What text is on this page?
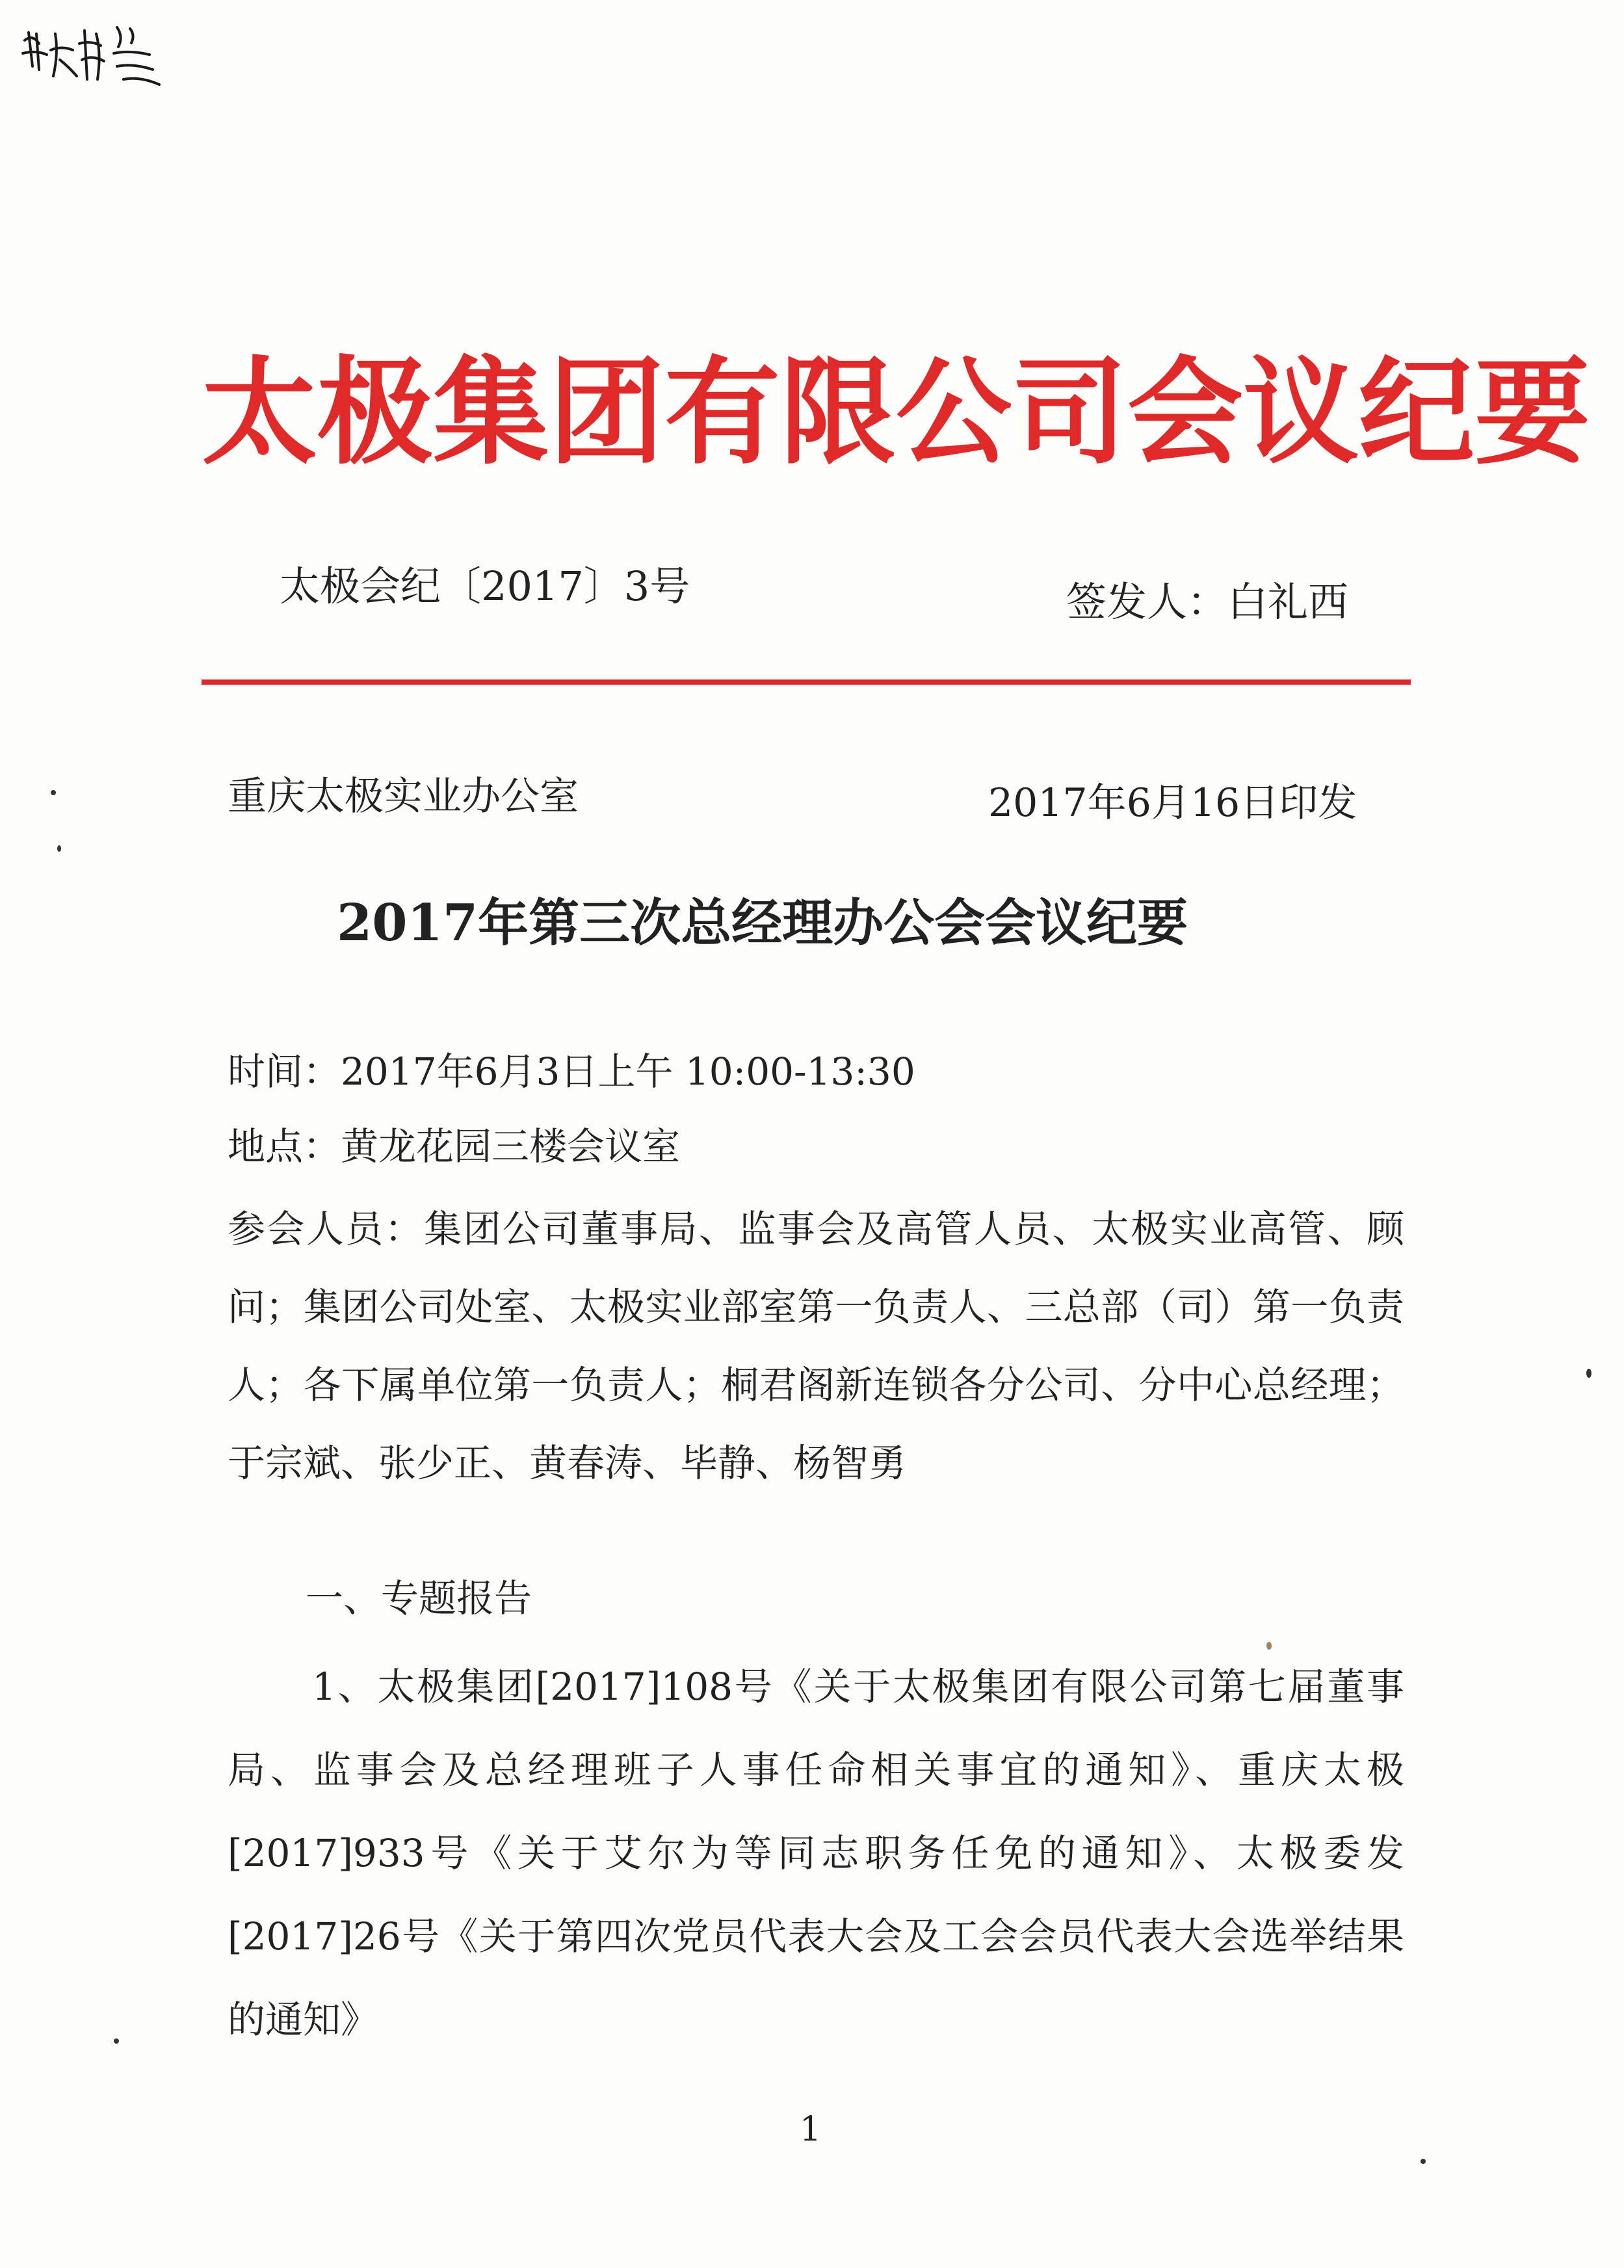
太极集团有限公司会议纪要
太极会纪〔2017〕3号	签发人：白礼西
重庆太极实业办公室	2017年6月16日印发
2017年第三次总经理办公会会议纪要
时间：2017年6月3日上午 10:00-13:30
地点：黄龙花园三楼会议室
参会人员：集团公司董事局、监事会及高管人员、太极实业高管、顾问；集团公司处室、太极实业部室第一负责人、三总部（司）第一负责人；各下属单位第一负责人；桐君阁新连锁各分公司、分中心总经理；于宗斌、张少正、黄春涛、毕静、杨智勇
一、专题报告
1、太极集团[2017]108号《关于太极集团有限公司第七届董事局、监事会及总经理班子人事任命相关事宜的通知》、重庆太极[2017]933号《关于艾尔为等同志职务任免的通知》、太极委发[2017]26号《关于第四次党员代表大会及工会会员代表大会选举结果的通知》
1
